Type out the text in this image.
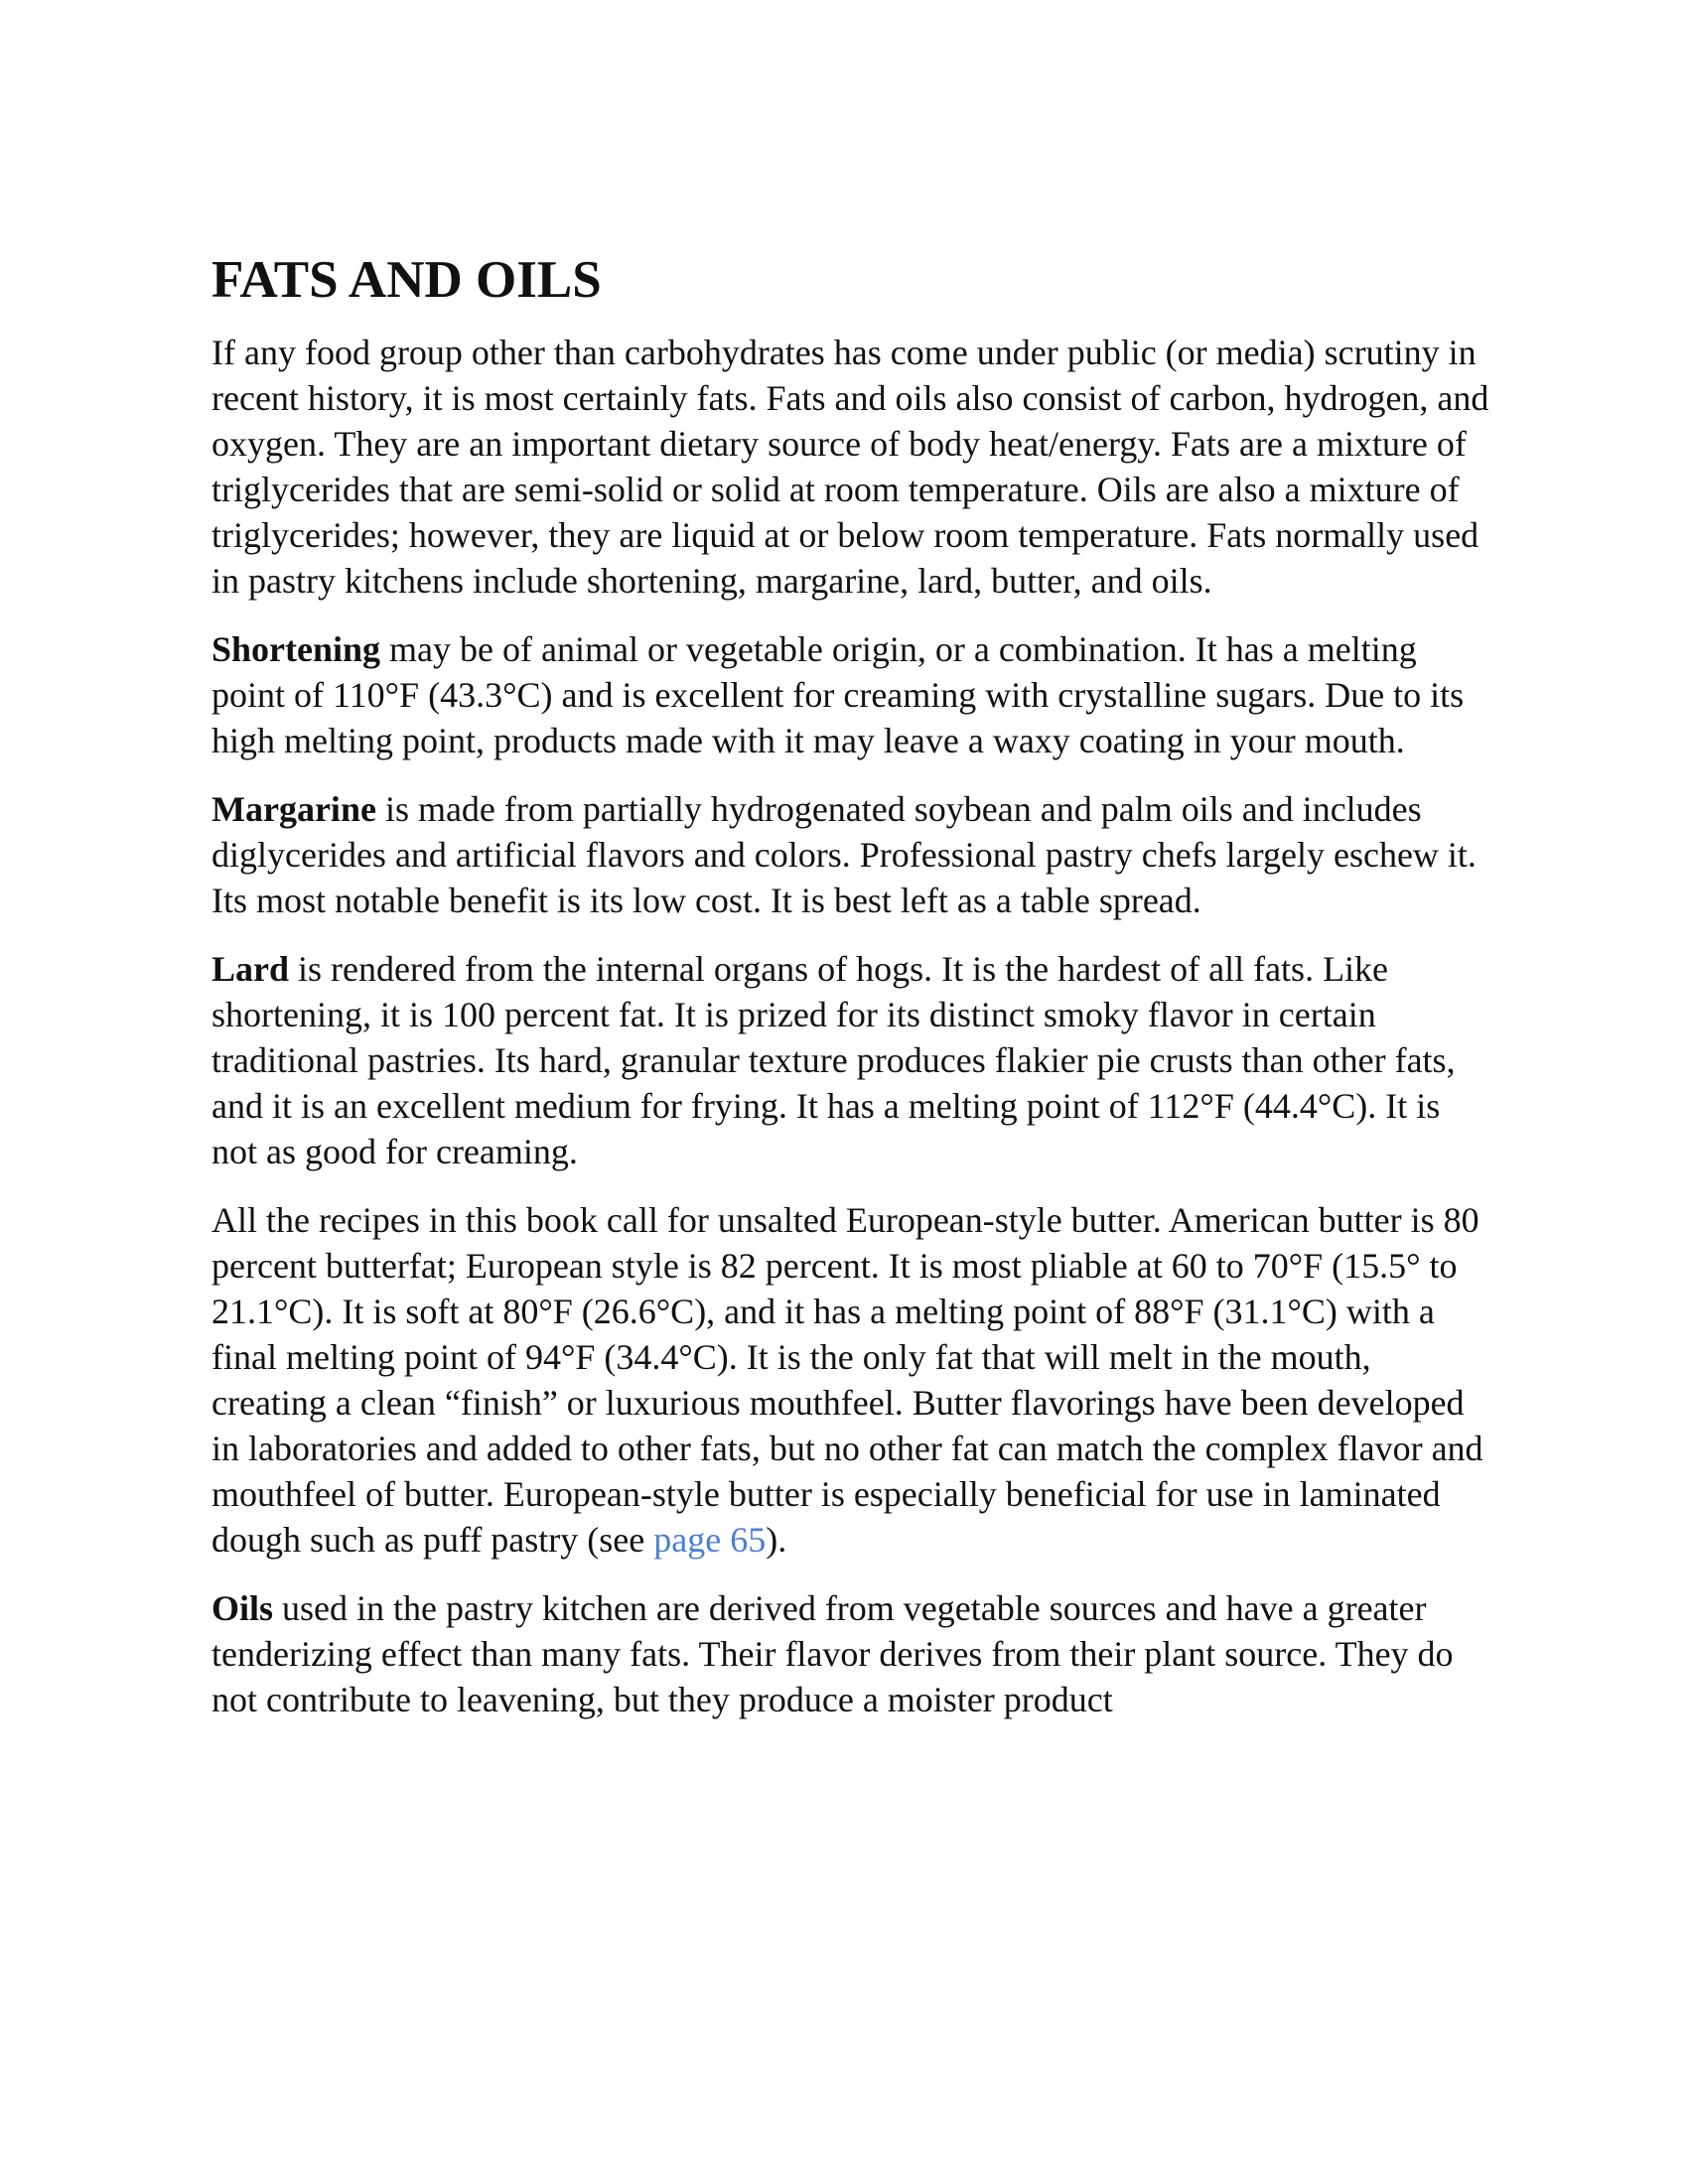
FATS AND OILS

If any food group other than carbohydrates has come under public (or media) scrutiny in recent history, it is most certainly fats. Fats and oils also consist of carbon, hydrogen, and oxygen. They are an important dietary source of body heat/energy. Fats are a mixture of triglycerides that are semi-solid or solid at room temperature. Oils are also a mixture of triglycerides; however, they are liquid at or below room temperature. Fats normally used in pastry kitchens include shortening, margarine, lard, butter, and oils.

Shortening may be of animal or vegetable origin, or a combination. It has a melting point of 110°F (43.3°C) and is excellent for creaming with crystalline sugars. Due to its high melting point, products made with it may leave a waxy coating in your mouth.

Margarine is made from partially hydrogenated soybean and palm oils and includes diglycerides and artificial flavors and colors. Professional pastry chefs largely eschew it. Its most notable benefit is its low cost. It is best left as a table spread.

Lard is rendered from the internal organs of hogs. It is the hardest of all fats. Like shortening, it is 100 percent fat. It is prized for its distinct smoky flavor in certain traditional pastries. Its hard, granular texture produces flakier pie crusts than other fats, and it is an excellent medium for frying. It has a melting point of 112°F (44.4°C). It is not as good for creaming.

All the recipes in this book call for unsalted European-style butter. American butter is 80 percent butterfat; European style is 82 percent. It is most pliable at 60 to 70°F (15.5° to 21.1°C). It is soft at 80°F (26.6°C), and it has a melting point of 88°F (31.1°C) with a final melting point of 94°F (34.4°C). It is the only fat that will melt in the mouth, creating a clean “finish” or luxurious mouthfeel. Butter flavorings have been developed in laboratories and added to other fats, but no other fat can match the complex flavor and mouthfeel of butter. European-style butter is especially beneficial for use in laminated dough such as puff pastry (see page 65).

Oils used in the pastry kitchen are derived from vegetable sources and have a greater tenderizing effect than many fats. Their flavor derives from their plant source. They do not contribute to leavening, but they produce a moister product
